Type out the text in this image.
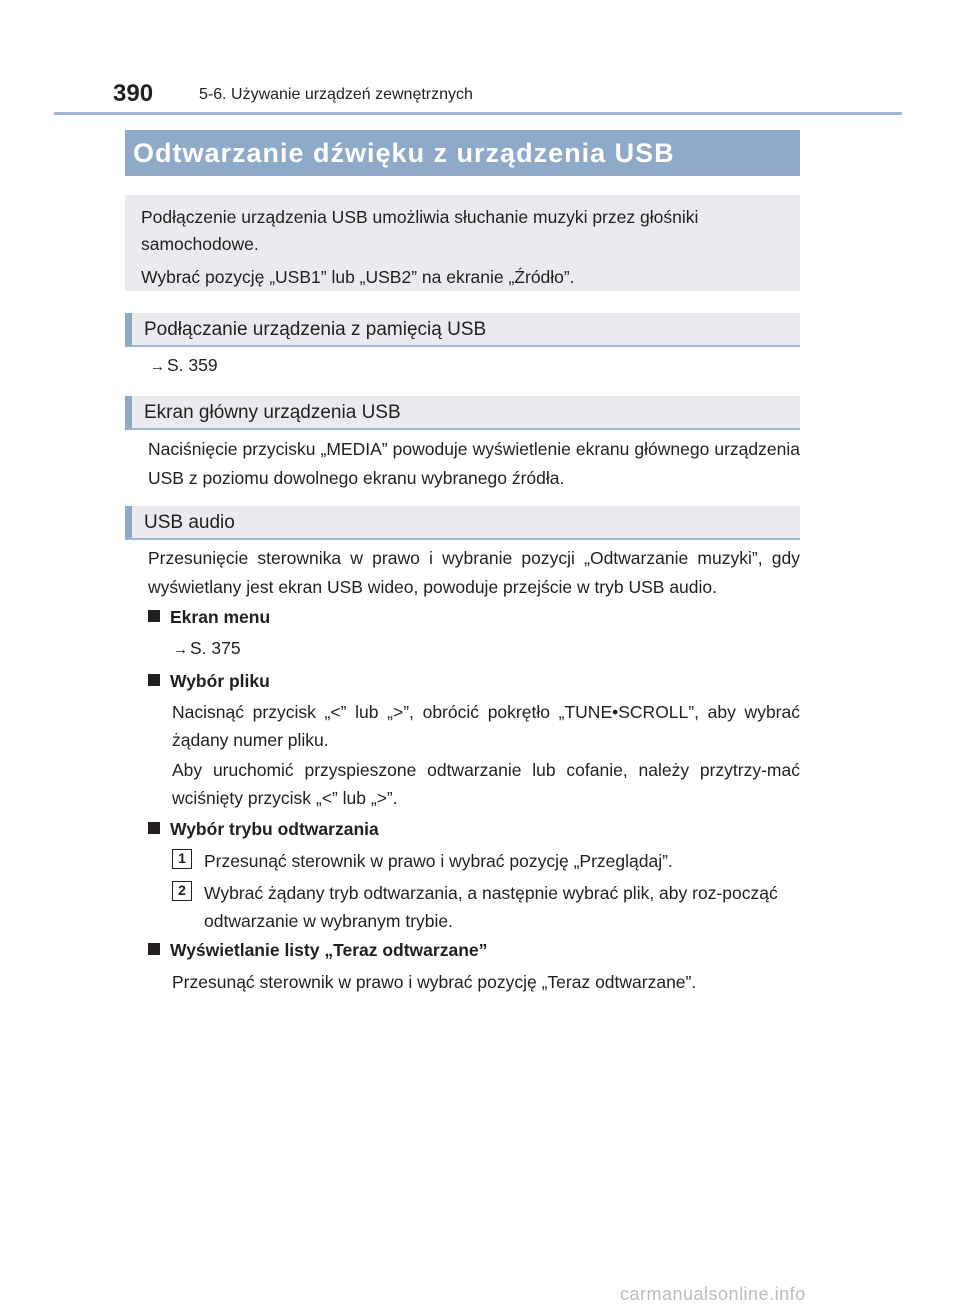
390	5-6. Używanie urządzeń zewnętrznych
Odtwarzanie dźwięku z urządzenia USB

Podłączenie urządzenia USB umożliwia słuchanie muzyki przez głośniki samochodowe.

Wybrać pozycję „USB1” lub „USB2” na ekranie „Źródło”.

Podłączanie urządzenia z pamięcią USB
→ S. 359
Ekran główny urządzenia USB

Naciśnięcie przycisku „MEDIA” powoduje wyświetlenie ekranu głównego urządzenia USB z poziomu dowolnego ekranu wybranego źródła.

USB audio

Przesunięcie sterownika w prawo i wybranie pozycji „Odtwarzanie muzyki”, gdy wyświetlany jest ekran USB wideo, powoduje przejście w tryb USB audio.

Ekran menu
→ S. 375
Wybór pliku

Nacisnąć przycisk „<” lub „>”, obrócić pokrętło „TUNE•SCROLL”, aby wybrać żądany numer pliku.

Aby uruchomić przyspieszone odtwarzanie lub cofanie, należy przytrzy-mać wciśnięty przycisk „<” lub „>”.

Wybór trybu odtwarzania
1	Przesunąć sterownik w prawo i wybrać pozycję „Przeglądaj”.
2	Wybrać żądany tryb odtwarzania, a następnie wybrać plik, aby roz-począć odtwarzanie w wybranym trybie.
Wyświetlanie listy „Teraz odtwarzane”

Przesunąć sterownik w prawo i wybrać pozycję „Teraz odtwarzane”.

carmanualsonline.info
